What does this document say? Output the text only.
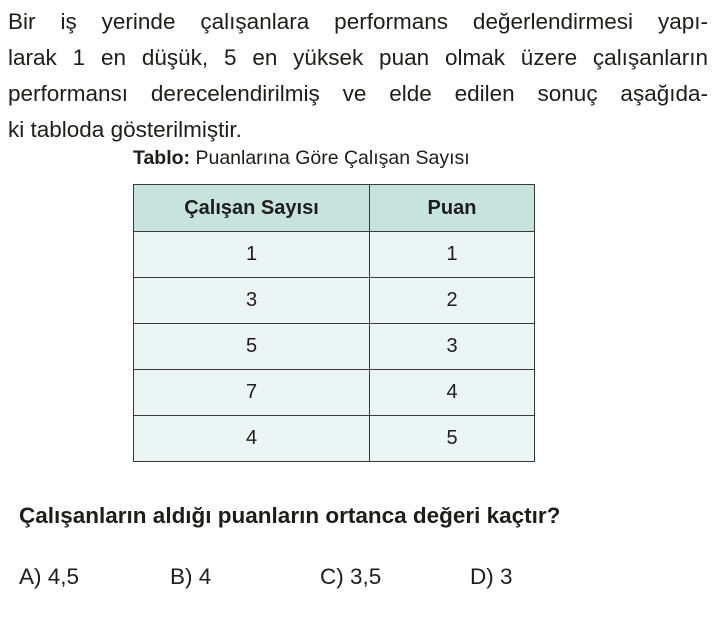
Bir iş yerinde çalışanlara performans değerlendirmesi yapı-
larak 1 en düşük, 5 en yüksek puan olmak üzere çalışanların
performansı derecelendirilmiş ve elde edilen sonuç aşağıda-
ki tabloda gösterilmiştir.
Tablo: Puanlarına Göre Çalışan Sayısı
Çalışan Sayısı	Puan
1	1
3	2
5	3
7	4
4	5
Çalışanların aldığı puanların ortanca değeri kaçtır?
A) 4,5	B) 4	C) 3,5	D) 3
